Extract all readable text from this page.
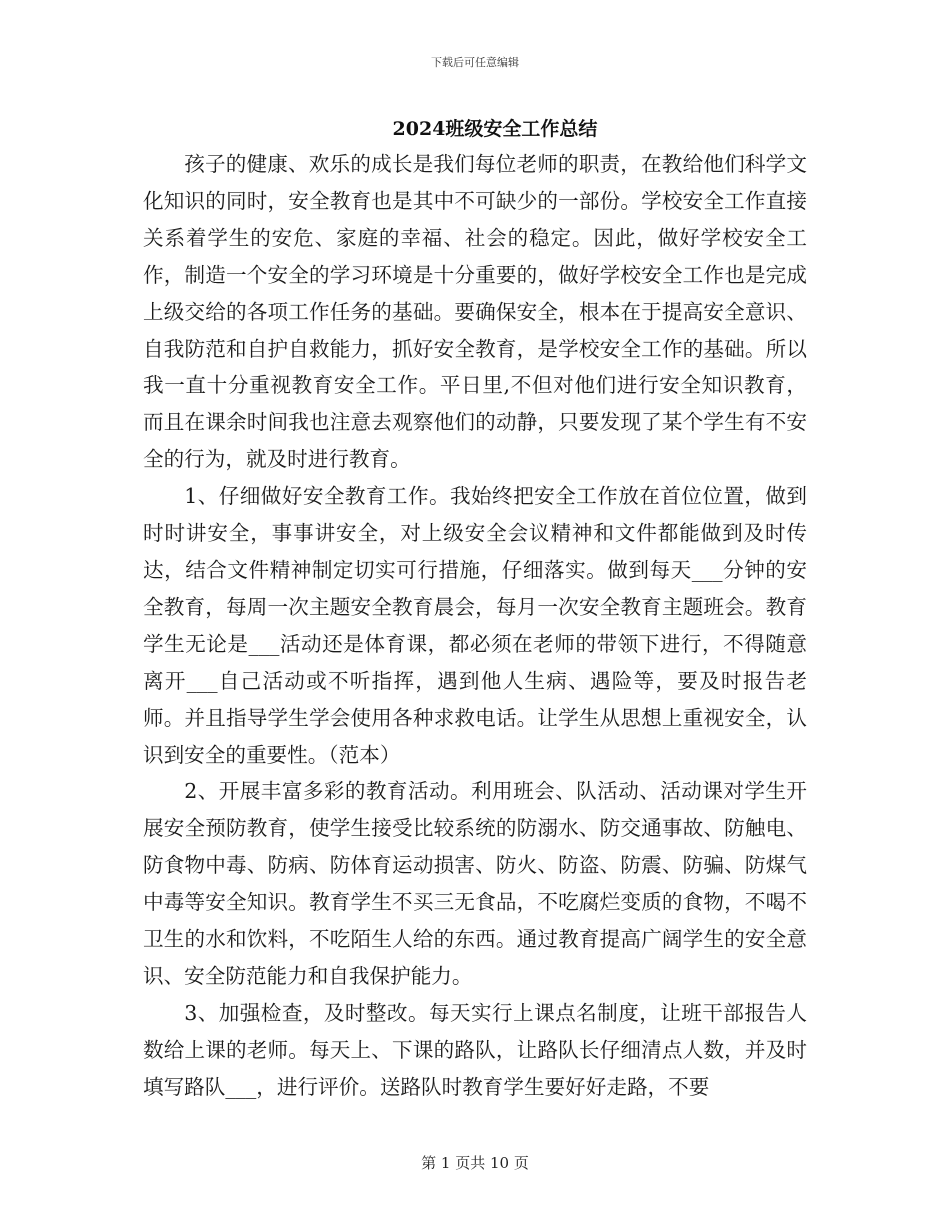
下载后可任意编辑
2024班级安全工作总结

孩子的健康、欢乐的成长是我们每位老师的职责，在教给他们科学文化知识的同时，安全教育也是其中不可缺少的一部份。学校安全工作直接关系着学生的安危、家庭的幸福、社会的稳定。因此，做好学校安全工作，制造一个安全的学习环境是十分重要的，做好学校安全工作也是完成上级交给的各项工作任务的基础。要确保安全，根本在于提高安全意识、自我防范和自护自救能力，抓好安全教育，是学校安全工作的基础。所以我一直十分重视教育安全工作。平日里,不但对他们进行安全知识教育，而且在课余时间我也注意去观察他们的动静，只要发现了某个学生有不安全的行为，就及时进行教育。

1、仔细做好安全教育工作。我始终把安全工作放在首位位置，做到时时讲安全，事事讲安全，对上级安全会议精神和文件都能做到及时传达，结合文件精神制定切实可行措施，仔细落实。做到每天___分钟的安全教育，每周一次主题安全教育晨会，每月一次安全教育主题班会。教育学生无论是___活动还是体育课，都必须在老师的带领下进行，不得随意离开___自己活动或不听指挥，遇到他人生病、遇险等，要及时报告老师。并且指导学生学会使用各种求救电话。让学生从思想上重视安全，认识到安全的重要性。（范本）

2、开展丰富多彩的教育活动。利用班会、队活动、活动课对学生开展安全预防教育，使学生接受比较系统的防溺水、防交通事故、防触电、防食物中毒、防病、防体育运动损害、防火、防盗、防震、防骗、防煤气中毒等安全知识。教育学生不买三无食品，不吃腐烂变质的食物，不喝不卫生的水和饮料，不吃陌生人给的东西。通过教育提高广阔学生的安全意识、安全防范能力和自我保护能力。

3、加强检查，及时整改。每天实行上课点名制度，让班干部报告人数给上课的老师。每天上、下课的路队，让路队长仔细清点人数，并及时填写路队___，进行评价。送路队时教育学生要好好走路，不要

第 1 页共 10 页
